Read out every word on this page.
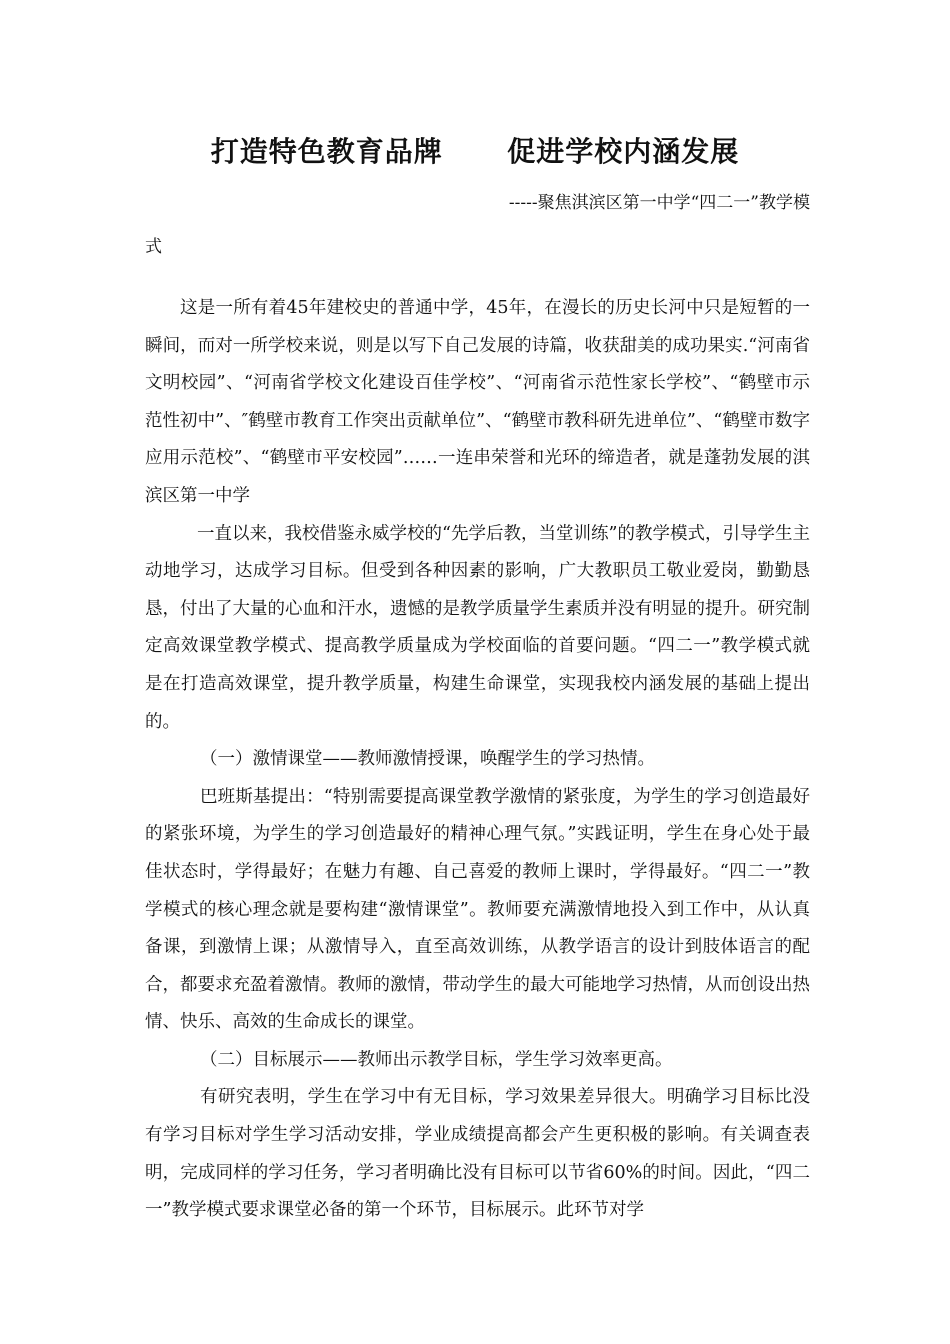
打造特色教育品牌      促进学校内涵发展
-----聚焦淇滨区第一中学“四二一”教学模
式

这是一所有着45年建校史的普通中学，45年，在漫长的历史长河中只是短暂的一瞬间，而对一所学校来说，则是以写下自己发展的诗篇，收获甜美的成功果实.“河南省文明校园”、“河南省学校文化建设百佳学校”、“河南省示范性家长学校”、“鹤壁市示范性初中”、″鹤壁市教育工作突出贡献单位”、“鹤壁市教科研先进单位”、“鹤壁市数字应用示范校”、“鹤壁市平安校园”……一连串荣誉和光环的缔造者，就是蓬勃发展的淇滨区第一中学

一直以来，我校借鉴永威学校的“先学后教，当堂训练”的教学模式，引导学生主动地学习，达成学习目标。但受到各种因素的影响，广大教职员工敬业爱岗，勤勤恳恳，付出了大量的心血和汗水，遗憾的是教学质量学生素质并没有明显的提升。研究制定高效课堂教学模式、提高教学质量成为学校面临的首要问题。“四二一”教学模式就是在打造高效课堂，提升教学质量，构建生命课堂，实现我校内涵发展的基础上提出的。

（一）激情课堂——教师激情授课，唤醒学生的学习热情。

巴班斯基提出：“特别需要提高课堂教学激情的紧张度，为学生的学习创造最好的紧张环境，为学生的学习创造最好的精神心理气氛。”实践证明，学生在身心处于最佳状态时，学得最好；在魅力有趣、自己喜爱的教师上课时，学得最好。“四二一”教学模式的核心理念就是要构建“激情课堂”。教师要充满激情地投入到工作中，从认真备课，到激情上课；从激情导入，直至高效训练，从教学语言的设计到肢体语言的配合，都要求充盈着激情。教师的激情，带动学生的最大可能地学习热情，从而创设出热情、快乐、高效的生命成长的课堂。

（二）目标展示——教师出示教学目标，学生学习效率更高。

有研究表明，学生在学习中有无目标，学习效果差异很大。明确学习目标比没有学习目标对学生学习活动安排，学业成绩提高都会产生更积极的影响。有关调查表明，完成同样的学习任务，学习者明确比没有目标可以节省60%的时间。因此，“四二一”教学模式要求课堂必备的第一个环节，目标展示。此环节对学
